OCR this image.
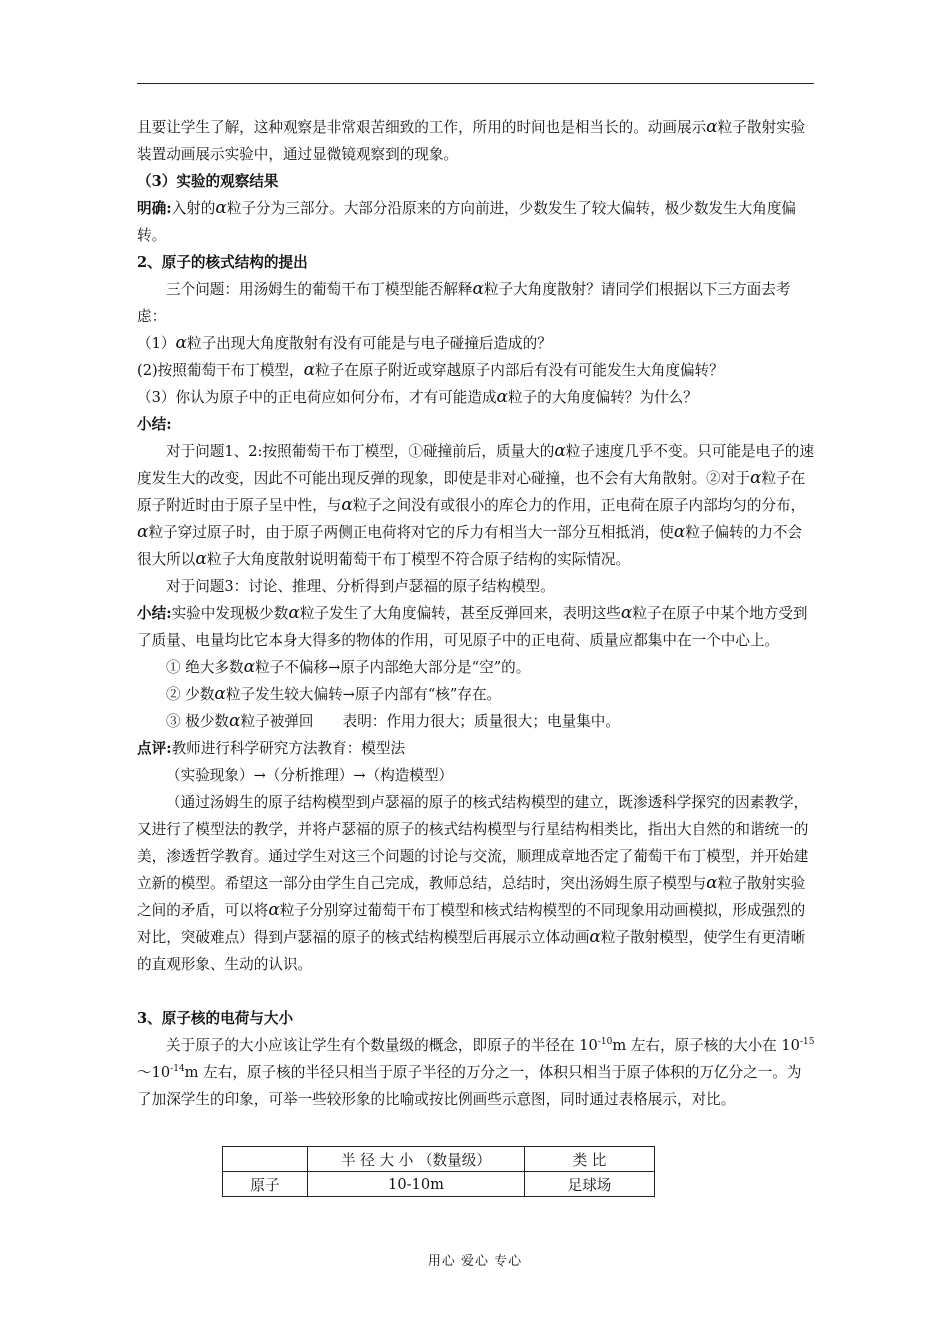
且要让学生了解，这种观察是非常艰苦细致的工作，所用的时间也是相当长的。动画展示α粒子散射实验装置动画展示实验中，通过显微镜观察到的现象。

（3）实验的观察结果

明确:入射的α粒子分为三部分。大部分沿原来的方向前进，少数发生了较大偏转，极少数发生大角度偏转。

2、原子的核式结构的提出

三个问题：用汤姆生的葡萄干布丁模型能否解释α粒子大角度散射？请同学们根据以下三方面去考虑：

（1）α粒子出现大角度散射有没有可能是与电子碰撞后造成的？

(2)按照葡萄干布丁模型，α粒子在原子附近或穿越原子内部后有没有可能发生大角度偏转？

（3）你认为原子中的正电荷应如何分布，才有可能造成α粒子的大角度偏转？为什么？

小结:

对于问题1、2:按照葡萄干布丁模型，①碰撞前后，质量大的α粒子速度几乎不变。只可能是电子的速度发生大的改变，因此不可能出现反弹的现象，即使是非对心碰撞，也不会有大角散射。②对于α粒子在原子附近时由于原子呈中性，与α粒子之间没有或很小的库仑力的作用，正电荷在原子内部均匀的分布，α粒子穿过原子时，由于原子两侧正电荷将对它的斥力有相当大一部分互相抵消，使α粒子偏转的力不会很大所以α粒子大角度散射说明葡萄干布丁模型不符合原子结构的实际情况。

对于问题3：讨论、推理、分析得到卢瑟福的原子结构模型。

小结:实验中发现极少数α粒子发生了大角度偏转，甚至反弹回来，表明这些α粒子在原子中某个地方受到了质量、电量均比它本身大得多的物体的作用，可见原子中的正电荷、质量应都集中在一个中心上。

① 绝大多数α粒子不偏移→原子内部绝大部分是“空”的。

② 少数α粒子发生较大偏转→原子内部有“核”存在。

③ 极少数α粒子被弹回   表明：作用力很大；质量很大；电量集中。

点评:教师进行科学研究方法教育：模型法

（实验现象）→（分析推理）→（构造模型）

（通过汤姆生的原子结构模型到卢瑟福的原子的核式结构模型的建立，既渗透科学探究的因素教学，又进行了模型法的教学，并将卢瑟福的原子的核式结构模型与行星结构相类比，指出大自然的和谐统一的美，渗透哲学教育。通过学生对这三个问题的讨论与交流，顺理成章地否定了葡萄干布丁模型，并开始建立新的模型。希望这一部分由学生自己完成，教师总结，总结时，突出汤姆生原子模型与α粒子散射实验之间的矛盾，可以将α粒子分别穿过葡萄干布丁模型和核式结构模型的不同现象用动画模拟，形成强烈的对比，突破难点）得到卢瑟福的原子的核式结构模型后再展示立体动画α粒子散射模型，使学生有更清晰的直观形象、生动的认识。

3、原子核的电荷与大小

关于原子的大小应该让学生有个数量级的概念，即原子的半径在 $10^{-10}m$ 左右，原子核的大小在 $10^{-15}\sim 10^{-14}m$ 左右，原子核的半径只相当于原子半径的万分之一，体积只相当于原子体积的万亿分之一。为了加深学生的印象，可举一些较形象的比喻或按比例画些示意图，同时通过表格展示，对比。

	半 径 大 小 （数量级）	类 比
原子	10-10m	足球场
用心 爱心 专心
